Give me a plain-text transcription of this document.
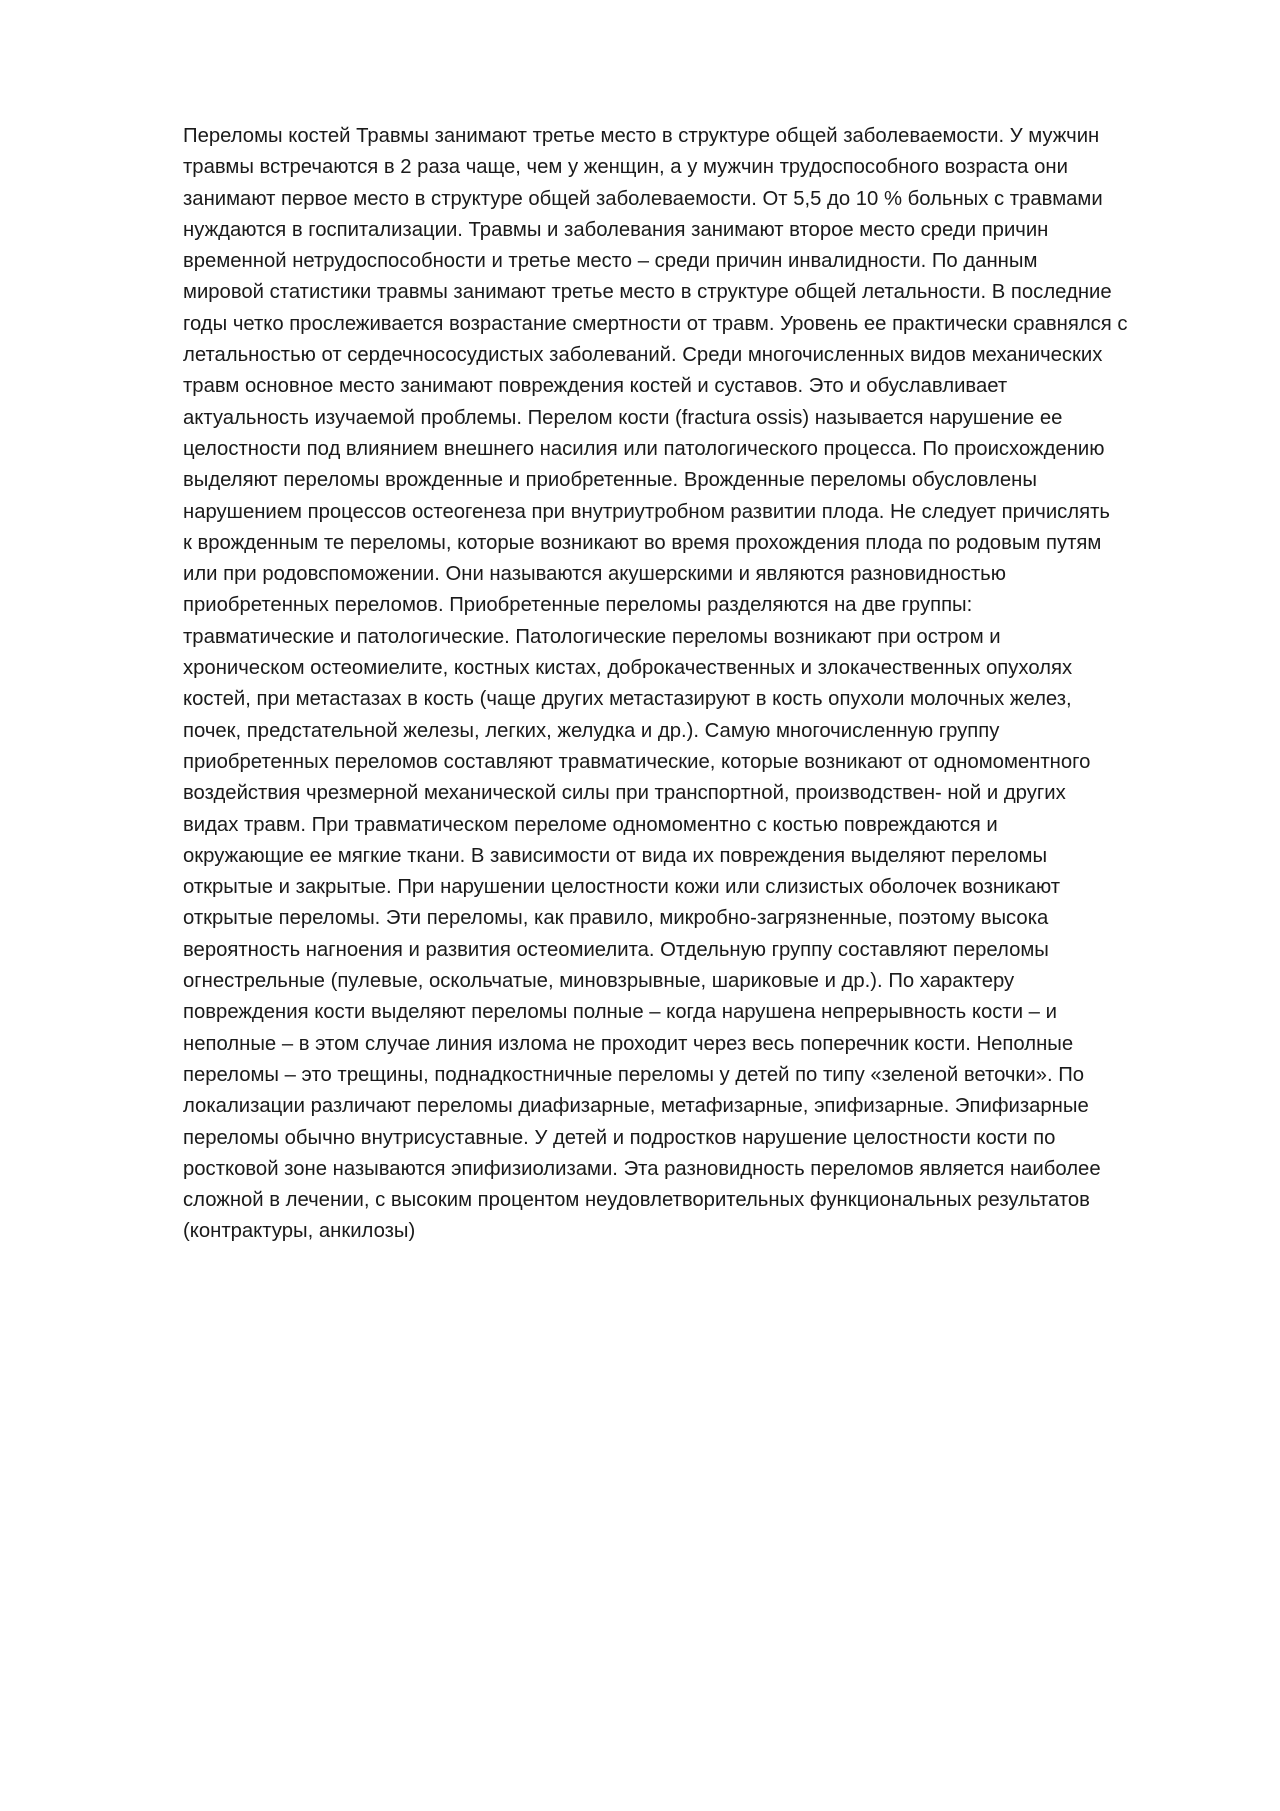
Переломы костей Травмы занимают третье место в структуре общей заболеваемости. У мужчин
травмы встречаются в 2 раза чаще, чем у женщин, а у мужчин трудоспособного возраста они
занимают первое место в структуре общей заболеваемости. От 5,5 до 10 % больных с травмами
нуждаются в госпитализации. Травмы и заболевания занимают второе место среди причин
временной нетрудоспособности и третье место – среди причин инвалидности. По данным
мировой статистики травмы занимают третье место в структуре общей летальности. В последние
годы четко прослеживается возрастание смертности от травм. Уровень ее практически сравнялся с
летальностью от сердечнососудистых заболеваний. Среди многочисленных видов механических
травм основное место занимают повреждения костей и суставов. Это и обуславливает
актуальность изучаемой проблемы. Перелом кости (fractura ossis) называется нарушение ее
целостности под влиянием внешнего насилия или патологического процесса. По происхождению
выделяют переломы врожденные и приобретенные. Врожденные переломы обусловлены
нарушением процессов остеогенеза при внутриутробном развитии плода. Не следует причислять
к врожденным те переломы, которые возникают во время прохождения плода по родовым путям
или при родовспоможении. Они называются акушерскими и являются разновидностью
приобретенных переломов. Приобретенные переломы разделяются на две группы:
травматические и патологические. Патологические переломы возникают при остром и
хроническом остеомиелите, костных кистах, доброкачественных и злокачественных опухолях
костей, при метастазах в кость (чаще других метастазируют в кость опухоли молочных желез,
почек, предстательной железы, легких, желудка и др.). Самую многочисленную группу
приобретенных переломов составляют травматические, которые возникают от одномоментного
воздействия чрезмерной механической силы при транспортной, производствен- ной и других
видах травм. При травматическом переломе одномоментно с костью повреждаются и
окружающие ее мягкие ткани. В зависимости от вида их повреждения выделяют переломы
открытые и закрытые. При нарушении целостности кожи или слизистых оболочек возникают
открытые переломы. Эти переломы, как правило, микробно-загрязненные, поэтому высока
вероятность нагноения и развития остеомиелита. Отдельную группу составляют переломы
огнестрельные (пулевые, оскольчатые, миновзрывные, шариковые и др.). По характеру
повреждения кости выделяют переломы полные – когда нарушена непрерывность кости – и
неполные – в этом случае линия излома не проходит через весь поперечник кости. Неполные
переломы – это трещины, поднадкостничные переломы у детей по типу «зеленой веточки». По
локализации различают переломы диафизарные, метафизарные, эпифизарные. Эпифизарные
переломы обычно внутрисуставные. У детей и подростков нарушение целостности кости по
ростковой зоне называются эпифизиолизами. Эта разновидность переломов является наиболее
сложной в лечении, с высоким процентом неудовлетворительных функциональных результатов
(контрактуры, анкилозы)
